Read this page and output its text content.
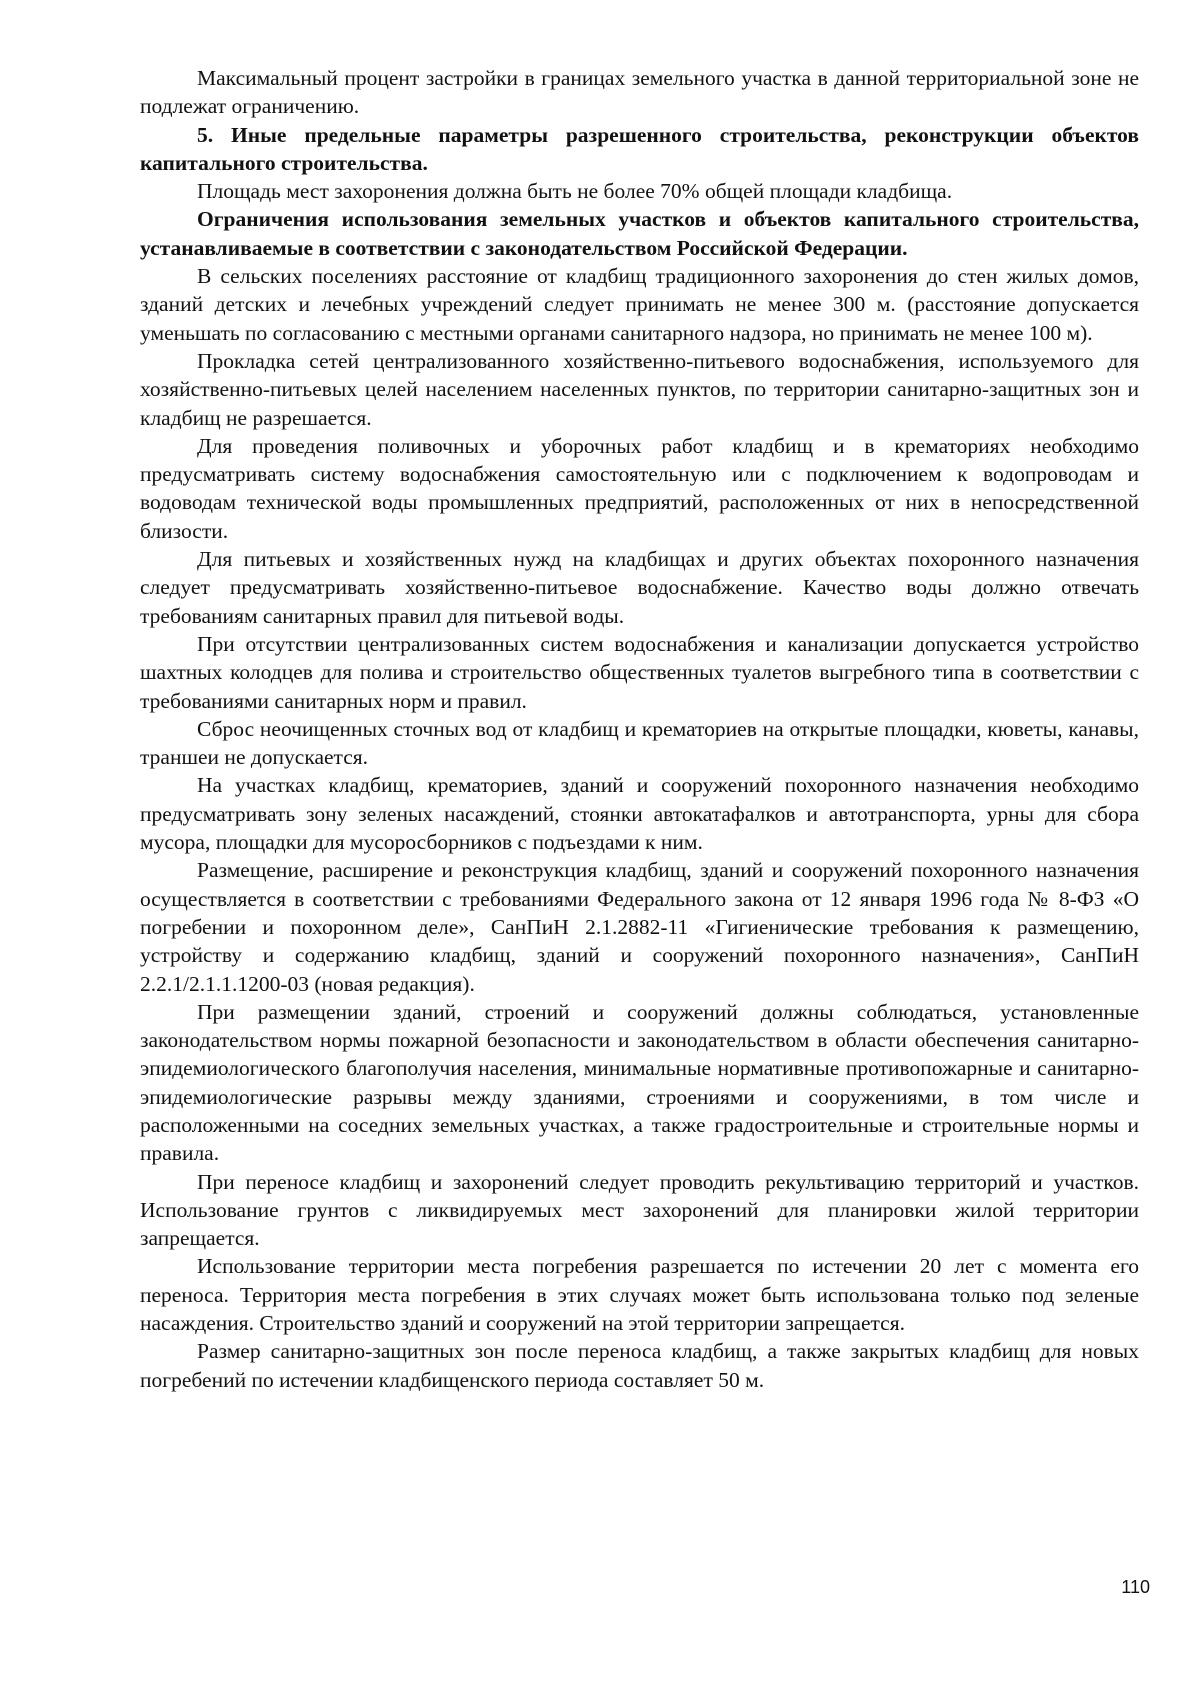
Максимальный процент застройки в границах земельного участка в данной территориальной зоне не подлежат ограничению.

5. Иные предельные параметры разрешенного строительства, реконструкции объектов капитального строительства.

Площадь мест захоронения должна быть не более 70% общей площади кладбища.

Ограничения использования земельных участков и объектов капитального строительства, устанавливаемые в соответствии с законодательством Российской Федерации.

В сельских поселениях расстояние от кладбищ традиционного захоронения до стен жилых домов, зданий детских и лечебных учреждений следует принимать не менее 300 м. (расстояние допускается уменьшать по согласованию с местными органами санитарного надзора, но принимать не менее 100 м).

Прокладка сетей централизованного хозяйственно-питьевого водоснабжения, используемого для хозяйственно-питьевых целей населением населенных пунктов, по территории санитарно-защитных зон и кладбищ не разрешается.

Для проведения поливочных и уборочных работ кладбищ и в крематориях необходимо предусматривать систему водоснабжения самостоятельную или с подключением к водопроводам и водоводам технической воды промышленных предприятий, расположенных от них в непосредственной близости.

Для питьевых и хозяйственных нужд на кладбищах и других объектах похоронного назначения следует предусматривать хозяйственно-питьевое водоснабжение. Качество воды должно отвечать требованиям санитарных правил для питьевой воды.

При отсутствии централизованных систем водоснабжения и канализации допускается устройство шахтных колодцев для полива и строительство общественных туалетов выгребного типа в соответствии с требованиями санитарных норм и правил.

Сброс неочищенных сточных вод от кладбищ и крематориев на открытые площадки, кюветы, канавы, траншеи не допускается.

На участках кладбищ, крематориев, зданий и сооружений похоронного назначения необходимо предусматривать зону зеленых насаждений, стоянки автокатафалков и автотранспорта, урны для сбора мусора, площадки для мусоросборников с подъездами к ним.

Размещение, расширение и реконструкция кладбищ, зданий и сооружений похоронного назначения осуществляется в соответствии с требованиями Федерального закона от 12 января 1996 года № 8-ФЗ «О погребении и похоронном деле», СанПиН 2.1.2882-11 «Гигиенические требования к размещению, устройству и содержанию кладбищ, зданий и сооружений похоронного назначения», СанПиН 2.2.1/2.1.1.1200-03 (новая редакция).

При размещении зданий, строений и сооружений должны соблюдаться, установленные законодательством нормы пожарной безопасности и законодательством в области обеспечения санитарно-эпидемиологического благополучия населения, минимальные нормативные противопожарные и санитарно-эпидемиологические разрывы между зданиями, строениями и сооружениями, в том числе и расположенными на соседних земельных участках, а также градостроительные и строительные нормы и правила.

При переносе кладбищ и захоронений следует проводить рекультивацию территорий и участков. Использование грунтов с ликвидируемых мест захоронений для планировки жилой территории запрещается.

Использование территории места погребения разрешается по истечении 20 лет с момента его переноса. Территория места погребения в этих случаях может быть использована только под зеленые насаждения. Строительство зданий и сооружений на этой территории запрещается.

Размер санитарно-защитных зон после переноса кладбищ, а также закрытых кладбищ для новых погребений по истечении кладбищенского периода составляет 50 м.

110
